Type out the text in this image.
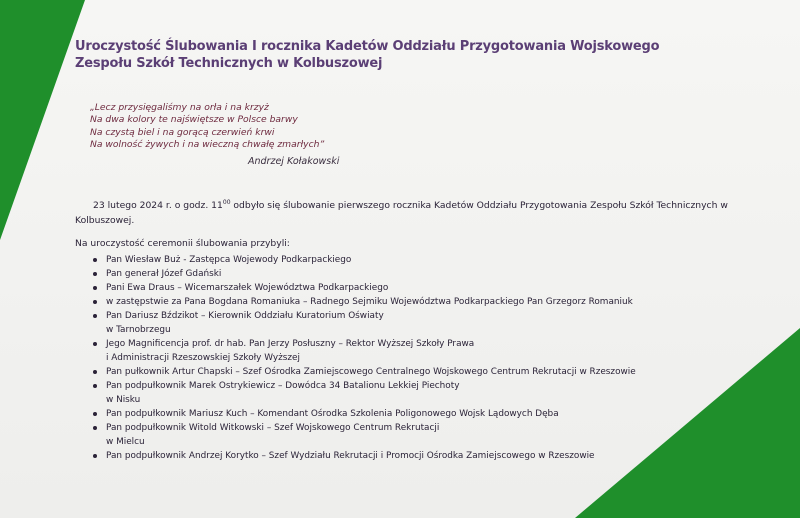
Uroczystość Ślubowania I rocznika Kadetów Oddziału Przygotowania Wojskowego Zespołu Szkół Technicznych w Kolbuszowej
„Lecz przysięgaliśmy na orła i na krzyż
Na dwa kolory te najświętsze w Polsce barwy
Na czystą biel i na gorącą czerwień krwi
Na wolność żywych i na wieczną chwałę zmarłych”
Andrzej Kołakowski
23 lutego 2024 r. o godz. $11^{00}$ odbyło się ślubowanie pierwszego rocznika Kadetów Oddziału Przygotowania Zespołu Szkół Technicznych w Kolbuszowej.
Na uroczystość ceremonii ślubowania przybyli:
Pan Wiesław Buż - Zastępca Wojewody Podkarpackiego
Pan generał Józef Gdański
Pani Ewa Draus – Wicemarszałek Województwa Podkarpackiego
w zastępstwie za Pana Bogdana Romaniuka – Radnego Sejmiku Województwa Podkarpackiego Pan Grzegorz Romaniuk
Pan Dariusz Bździkot – Kierownik Oddziału Kuratorium Oświaty
w Tarnobrzegu
Jego Magnificencja prof. dr hab. Pan Jerzy Posłuszny – Rektor Wyższej Szkoły Prawa
i Administracji Rzeszowskiej Szkoły Wyższej
Pan pułkownik Artur Chapski – Szef Ośrodka Zamiejscowego Centralnego Wojskowego Centrum Rekrutacji w Rzeszowie
Pan podpułkownik Marek Ostrykiewicz – Dowódca 34 Batalionu Lekkiej Piechoty
w Nisku
Pan podpułkownik Mariusz Kuch – Komendant Ośrodka Szkolenia Poligonowego Wojsk Lądowych Dęba
Pan podpułkownik Witold Witkowski – Szef Wojskowego Centrum Rekrutacji
w Mielcu
Pan podpułkownik Andrzej Korytko – Szef Wydziału Rekrutacji i Promocji Ośrodka Zamiejscowego w Rzeszowie
